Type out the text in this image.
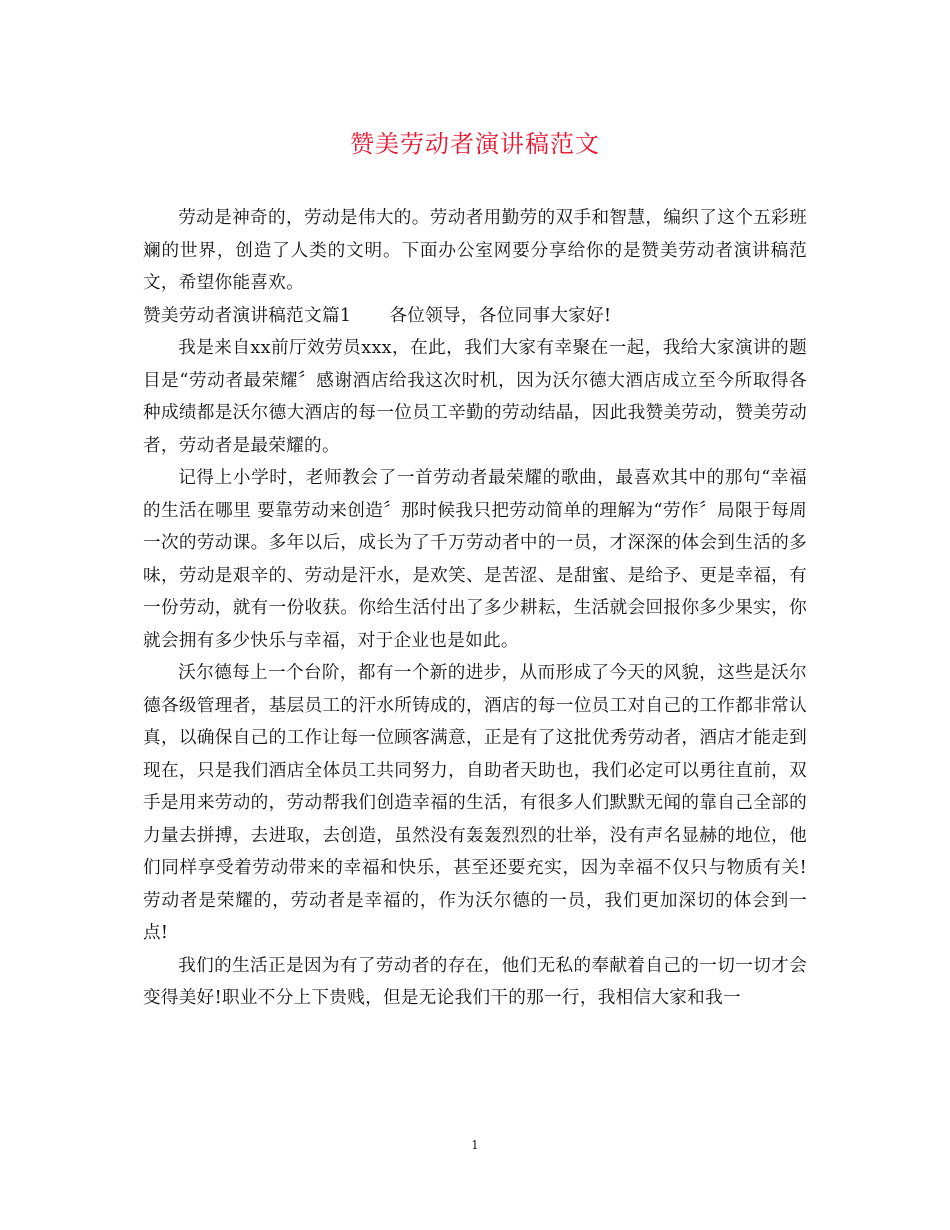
赞美劳动者演讲稿范文

劳动是神奇的，劳动是伟大的。劳动者用勤劳的双手和智慧，编织了这个五彩班斓的世界，创造了人类的文明。下面办公室网要分享给你的是赞美劳动者演讲稿范文，希望你能喜欢。

赞美劳动者演讲稿范文篇1 各位领导，各位同事大家好!

我是来自xx前厅效劳员xxx，在此，我们大家有幸聚在一起，我给大家演讲的题目是“劳动者最荣耀〞感谢酒店给我这次时机，因为沃尔德大酒店成立至今所取得各种成绩都是沃尔德大酒店的每一位员工辛勤的劳动结晶，因此我赞美劳动，赞美劳动者，劳动者是最荣耀的。

记得上小学时，老师教会了一首劳动者最荣耀的歌曲，最喜欢其中的那句“幸福的生活在哪里 要靠劳动来创造〞那时候我只把劳动简单的理解为“劳作〞局限于每周一次的劳动课。多年以后，成长为了千万劳动者中的一员，才深深的体会到生活的多味，劳动是艰辛的、劳动是汗水，是欢笑、是苦涩、是甜蜜、是给予、更是幸福，有一份劳动，就有一份收获。你给生活付出了多少耕耘，生活就会回报你多少果实，你就会拥有多少快乐与幸福，对于企业也是如此。

沃尔德每上一个台阶，都有一个新的进步，从而形成了今天的风貌，这些是沃尔德各级管理者，基层员工的汗水所铸成的，酒店的每一位员工对自己的工作都非常认真，以确保自己的工作让每一位顾客满意，正是有了这批优秀劳动者，酒店才能走到现在，只是我们酒店全体员工共同努力，自助者天助也，我们必定可以勇往直前，双手是用来劳动的，劳动帮我们创造幸福的生活，有很多人们默默无闻的靠自己全部的力量去拼搏，去进取，去创造，虽然没有轰轰烈烈的壮举，没有声名显赫的地位，他们同样享受着劳动带来的幸福和快乐，甚至还要充实，因为幸福不仅只与物质有关!劳动者是荣耀的，劳动者是幸福的，作为沃尔德的一员，我们更加深切的体会到一点!

我们的生活正是因为有了劳动者的存在，他们无私的奉献着自己的一切一切才会变得美好!职业不分上下贵贱，但是无论我们干的那一行，我相信大家和我一

1
